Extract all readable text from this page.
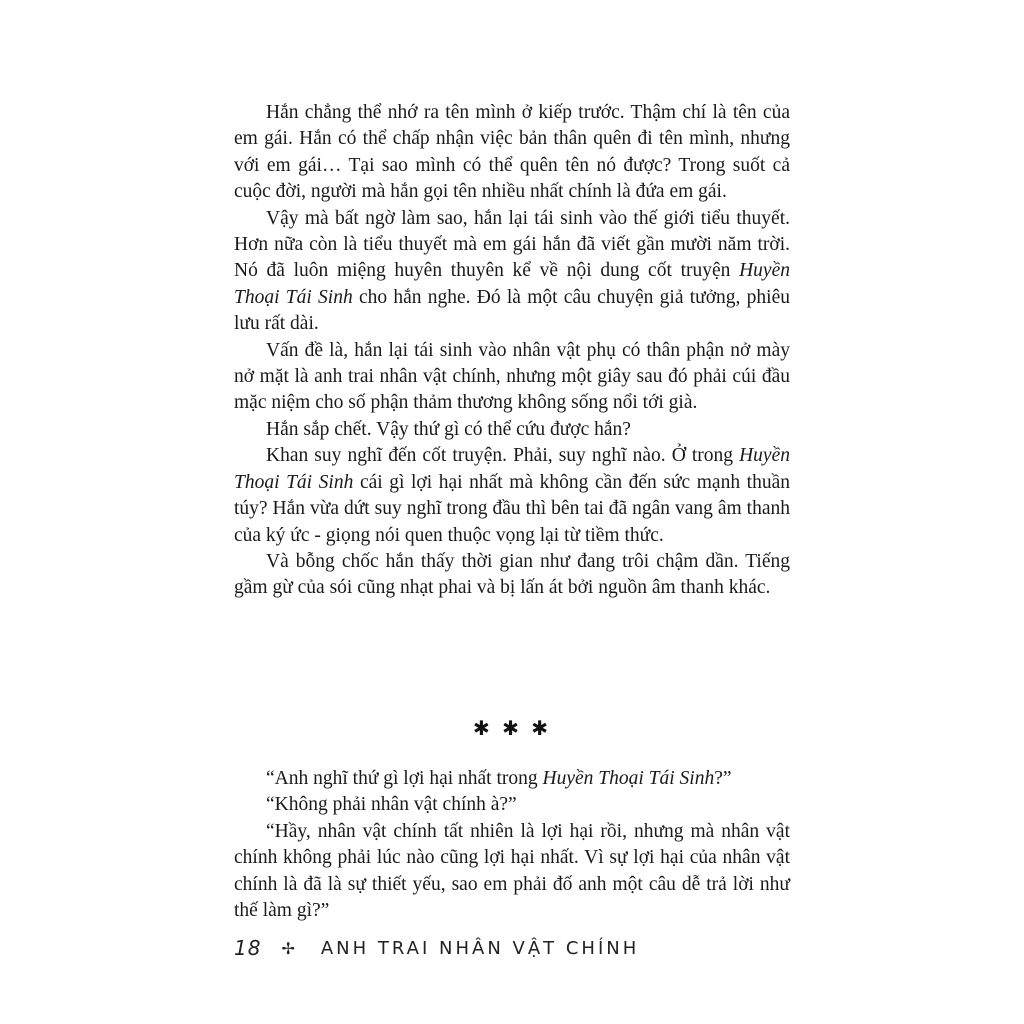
Hắn chẳng thể nhớ ra tên mình ở kiếp trước. Thậm chí là tên của em gái. Hắn có thể chấp nhận việc bản thân quên đi tên mình, nhưng với em gái… Tại sao mình có thể quên tên nó được? Trong suốt cả cuộc đời, người mà hắn gọi tên nhiều nhất chính là đứa em gái.

Vậy mà bất ngờ làm sao, hắn lại tái sinh vào thế giới tiểu thuyết. Hơn nữa còn là tiểu thuyết mà em gái hắn đã viết gần mười năm trời. Nó đã luôn miệng huyên thuyên kể về nội dung cốt truyện Huyền Thoại Tái Sinh cho hắn nghe. Đó là một câu chuyện giả tưởng, phiêu lưu rất dài.

Vấn đề là, hắn lại tái sinh vào nhân vật phụ có thân phận nở mày nở mặt là anh trai nhân vật chính, nhưng một giây sau đó phải cúi đầu mặc niệm cho số phận thảm thương không sống nổi tới già.

Hắn sắp chết. Vậy thứ gì có thể cứu được hắn?

Khan suy nghĩ đến cốt truyện. Phải, suy nghĩ nào. Ở trong Huyền Thoại Tái Sinh cái gì lợi hại nhất mà không cần đến sức mạnh thuần túy? Hắn vừa dứt suy nghĩ trong đầu thì bên tai đã ngân vang âm thanh của ký ức - giọng nói quen thuộc vọng lại từ tiềm thức.

Và bỗng chốc hắn thấy thời gian như đang trôi chậm dần. Tiếng gầm gừ của sói cũng nhạt phai và bị lấn át bởi nguồn âm thanh khác.

✱ ✱ ✱

“Anh nghĩ thứ gì lợi hại nhất trong Huyền Thoại Tái Sinh?”

“Không phải nhân vật chính à?”

“Hầy, nhân vật chính tất nhiên là lợi hại rồi, nhưng mà nhân vật chính không phải lúc nào cũng lợi hại nhất. Vì sự lợi hại của nhân vật chính là đã là sự thiết yếu, sao em phải đố anh một câu dễ trả lời như thế làm gì?”

18 ✢ ANH TRAI NHÂN VẬT CHÍNH
